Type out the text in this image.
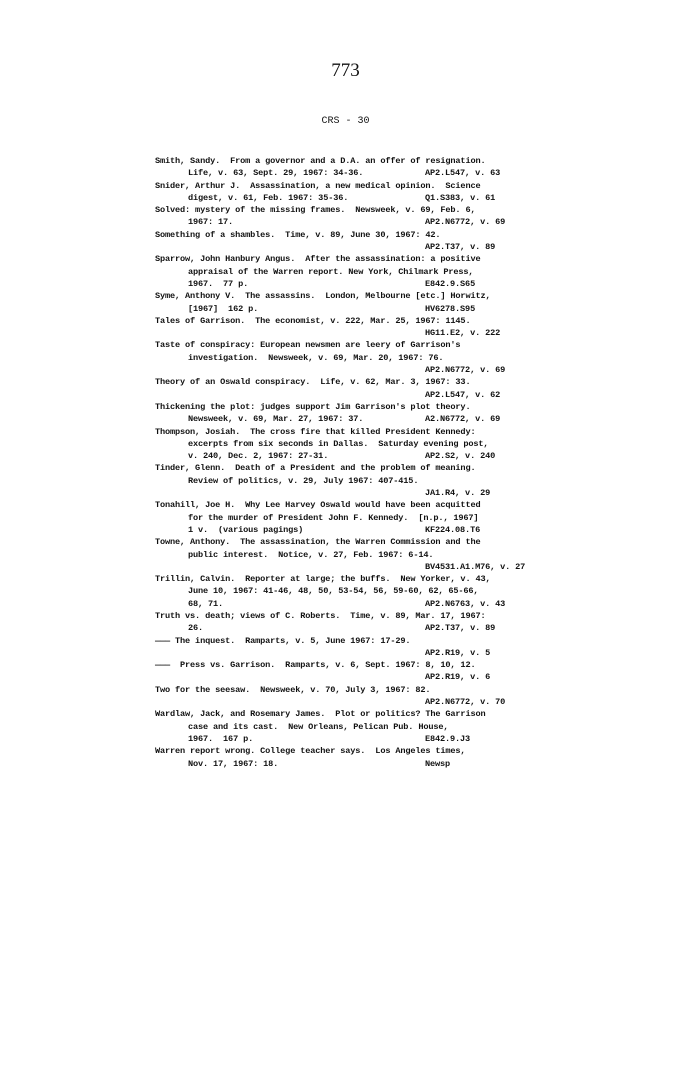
773
CRS - 30
Smith, Sandy.  From a governor and a D.A. an offer of resignation.
Life, v. 63, Sept. 29, 1967: 34-36.	AP2.L547, v. 63
Snider, Arthur J.  Assassination, a new medical opinion.  Science
digest, v. 61, Feb. 1967: 35-36.	Q1.S383, v. 61
Solved: mystery of the missing frames.  Newsweek, v. 69, Feb. 6,
1967: 17.	AP2.N6772, v. 69
Something of a shambles.  Time, v. 89, June 30, 1967: 42.
AP2.T37, v. 89
Sparrow, John Hanbury Angus.  After the assassination: a positive
appraisal of the Warren report. New York, Chilmark Press,
1967.  77 p.	E842.9.S65
Syme, Anthony V.  The assassins.  London, Melbourne [etc.] Horwitz,
[1967]  162 p.	HV6278.S95
Tales of Garrison.  The economist, v. 222, Mar. 25, 1967: 1145.
HG11.E2, v. 222
Taste of conspiracy: European newsmen are leery of Garrison's
investigation.  Newsweek, v. 69, Mar. 20, 1967: 76.
AP2.N6772, v. 69
Theory of an Oswald conspiracy.  Life, v. 62, Mar. 3, 1967: 33.
AP2.L547, v. 62
Thickening the plot: judges support Jim Garrison's plot theory.
Newsweek, v. 69, Mar. 27, 1967: 37.	A2.N6772, v. 69
Thompson, Josiah.  The cross fire that killed President Kennedy:
excerpts from six seconds in Dallas.  Saturday evening post,
v. 240, Dec. 2, 1967: 27-31.	AP2.S2, v. 240
Tinder, Glenn.  Death of a President and the problem of meaning.
Review of politics, v. 29, July 1967: 407-415.
JA1.R4, v. 29
Tonahill, Joe H.  Why Lee Harvey Oswald would have been acquitted
for the murder of President John F. Kennedy.  [n.p., 1967]
1 v.  (various pagings)	KF224.08.T6
Towne, Anthony.  The assassination, the Warren Commission and the
public interest.  Notice, v. 27, Feb. 1967: 6-14.
BV4531.A1.M76, v. 27
Trillin, Calvin.  Reporter at large; the buffs.  New Yorker, v. 43,
June 10, 1967: 41-46, 48, 50, 53-54, 56, 59-60, 62, 65-66,
68, 71.	AP2.N6763, v. 43
Truth vs. death; views of C. Roberts.  Time, v. 89, Mar. 17, 1967:
26.	AP2.T37, v. 89
——— The inquest.  Ramparts, v. 5, June 1967: 17-29.
AP2.R19, v. 5
———  Press vs. Garrison.  Ramparts, v. 6, Sept. 1967: 8, 10, 12.
AP2.R19, v. 6
Two for the seesaw.  Newsweek, v. 70, July 3, 1967: 82.
AP2.N6772, v. 70
Wardlaw, Jack, and Rosemary James.  Plot or politics? The Garrison
case and its cast.  New Orleans, Pelican Pub. House,
1967.  167 p.	E842.9.J3
Warren report wrong. College teacher says.  Los Angeles times,
Nov. 17, 1967: 18.	Newsp
